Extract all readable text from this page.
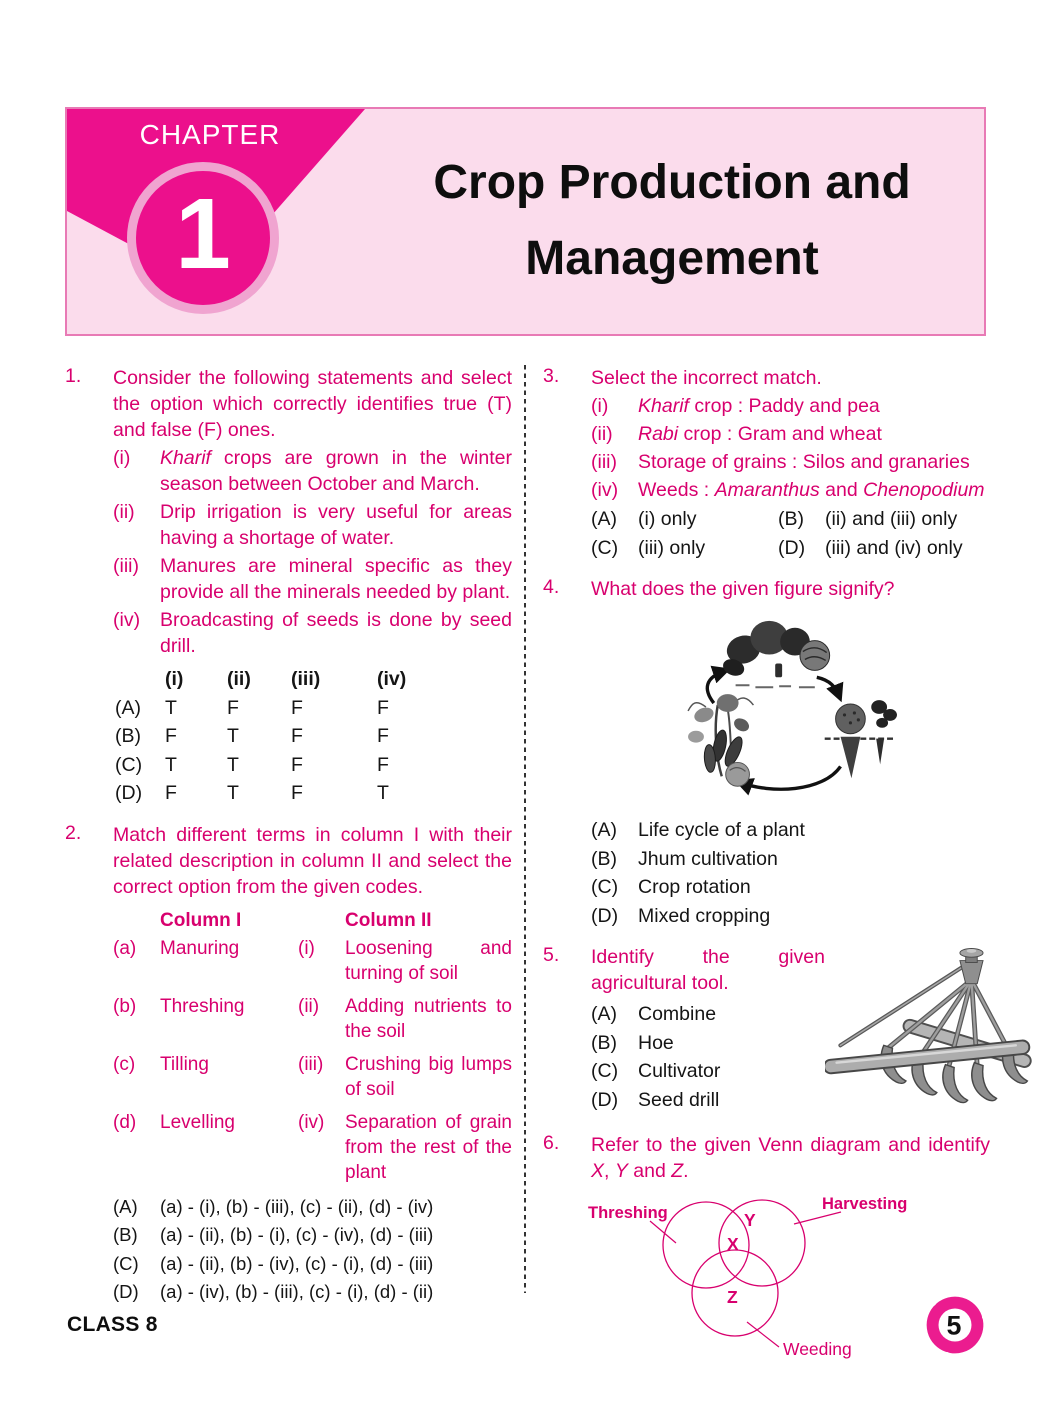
CHAPTER
1	Crop Production and
Management
1.	Consider the following statements and select the option which correctly identifies true (T) and false (F) ones.
(i)	Kharif crops are grown in the winter season between October and March.
(ii)	Drip irrigation is very useful for areas having a shortage of water.
(iii)	Manures are mineral specific as they provide all the minerals needed by plant.
(iv)	Broadcasting of seeds is done by seed drill.
(i)	(ii)	(iii)	(iv)
(A)	T	F	F	F
(B)	F	T	F	F
(C)	T	T	F	F
(D)	F	T	F	T
2.	Match different terms in column I with their related description in column II and select the correct option from the given codes.
Column I	Column II
(a)	Manuring	(i)	Loosening and turning of soil
(b)	Threshing	(ii)	Adding nutrients to the soil
(c)	Tilling	(iii)	Crushing big lumps of soil
(d)	Levelling	(iv)	Separation of grain from the rest of the plant
(A)	(a) - (i), (b) - (iii), (c) - (ii), (d) - (iv)
(B)	(a) - (ii), (b) - (i), (c) - (iv), (d) - (iii)
(C)	(a) - (ii), (b) - (iv), (c) - (i), (d) - (iii)
(D)	(a) - (iv), (b) - (iii), (c) - (i), (d) - (ii)
3.	Select the incorrect match.
(i)	Kharif crop : Paddy and pea
(ii)	Rabi crop : Gram and wheat
(iii)	Storage of grains : Silos and granaries
(iv)	Weeds : Amaranthus and Chenopodium
(A)	(i) only	(B)	(ii) and (iii) only
(C)	(iii) only	(D)	(iii) and (iv) only
4.	What does the given figure signify?
(A)	Life cycle of a plant
(B)	Jhum cultivation
(C)	Crop rotation
(D)	Mixed cropping
5.	Identify the given agricultural tool.
(A)	Combine
(B)	Hoe
(C)	Cultivator
(D)	Seed drill
6.	Refer to the given Venn diagram and identify X, Y and Z.
Threshing	Harvesting
Weeding
Y
X
Z
CLASS 8	5
